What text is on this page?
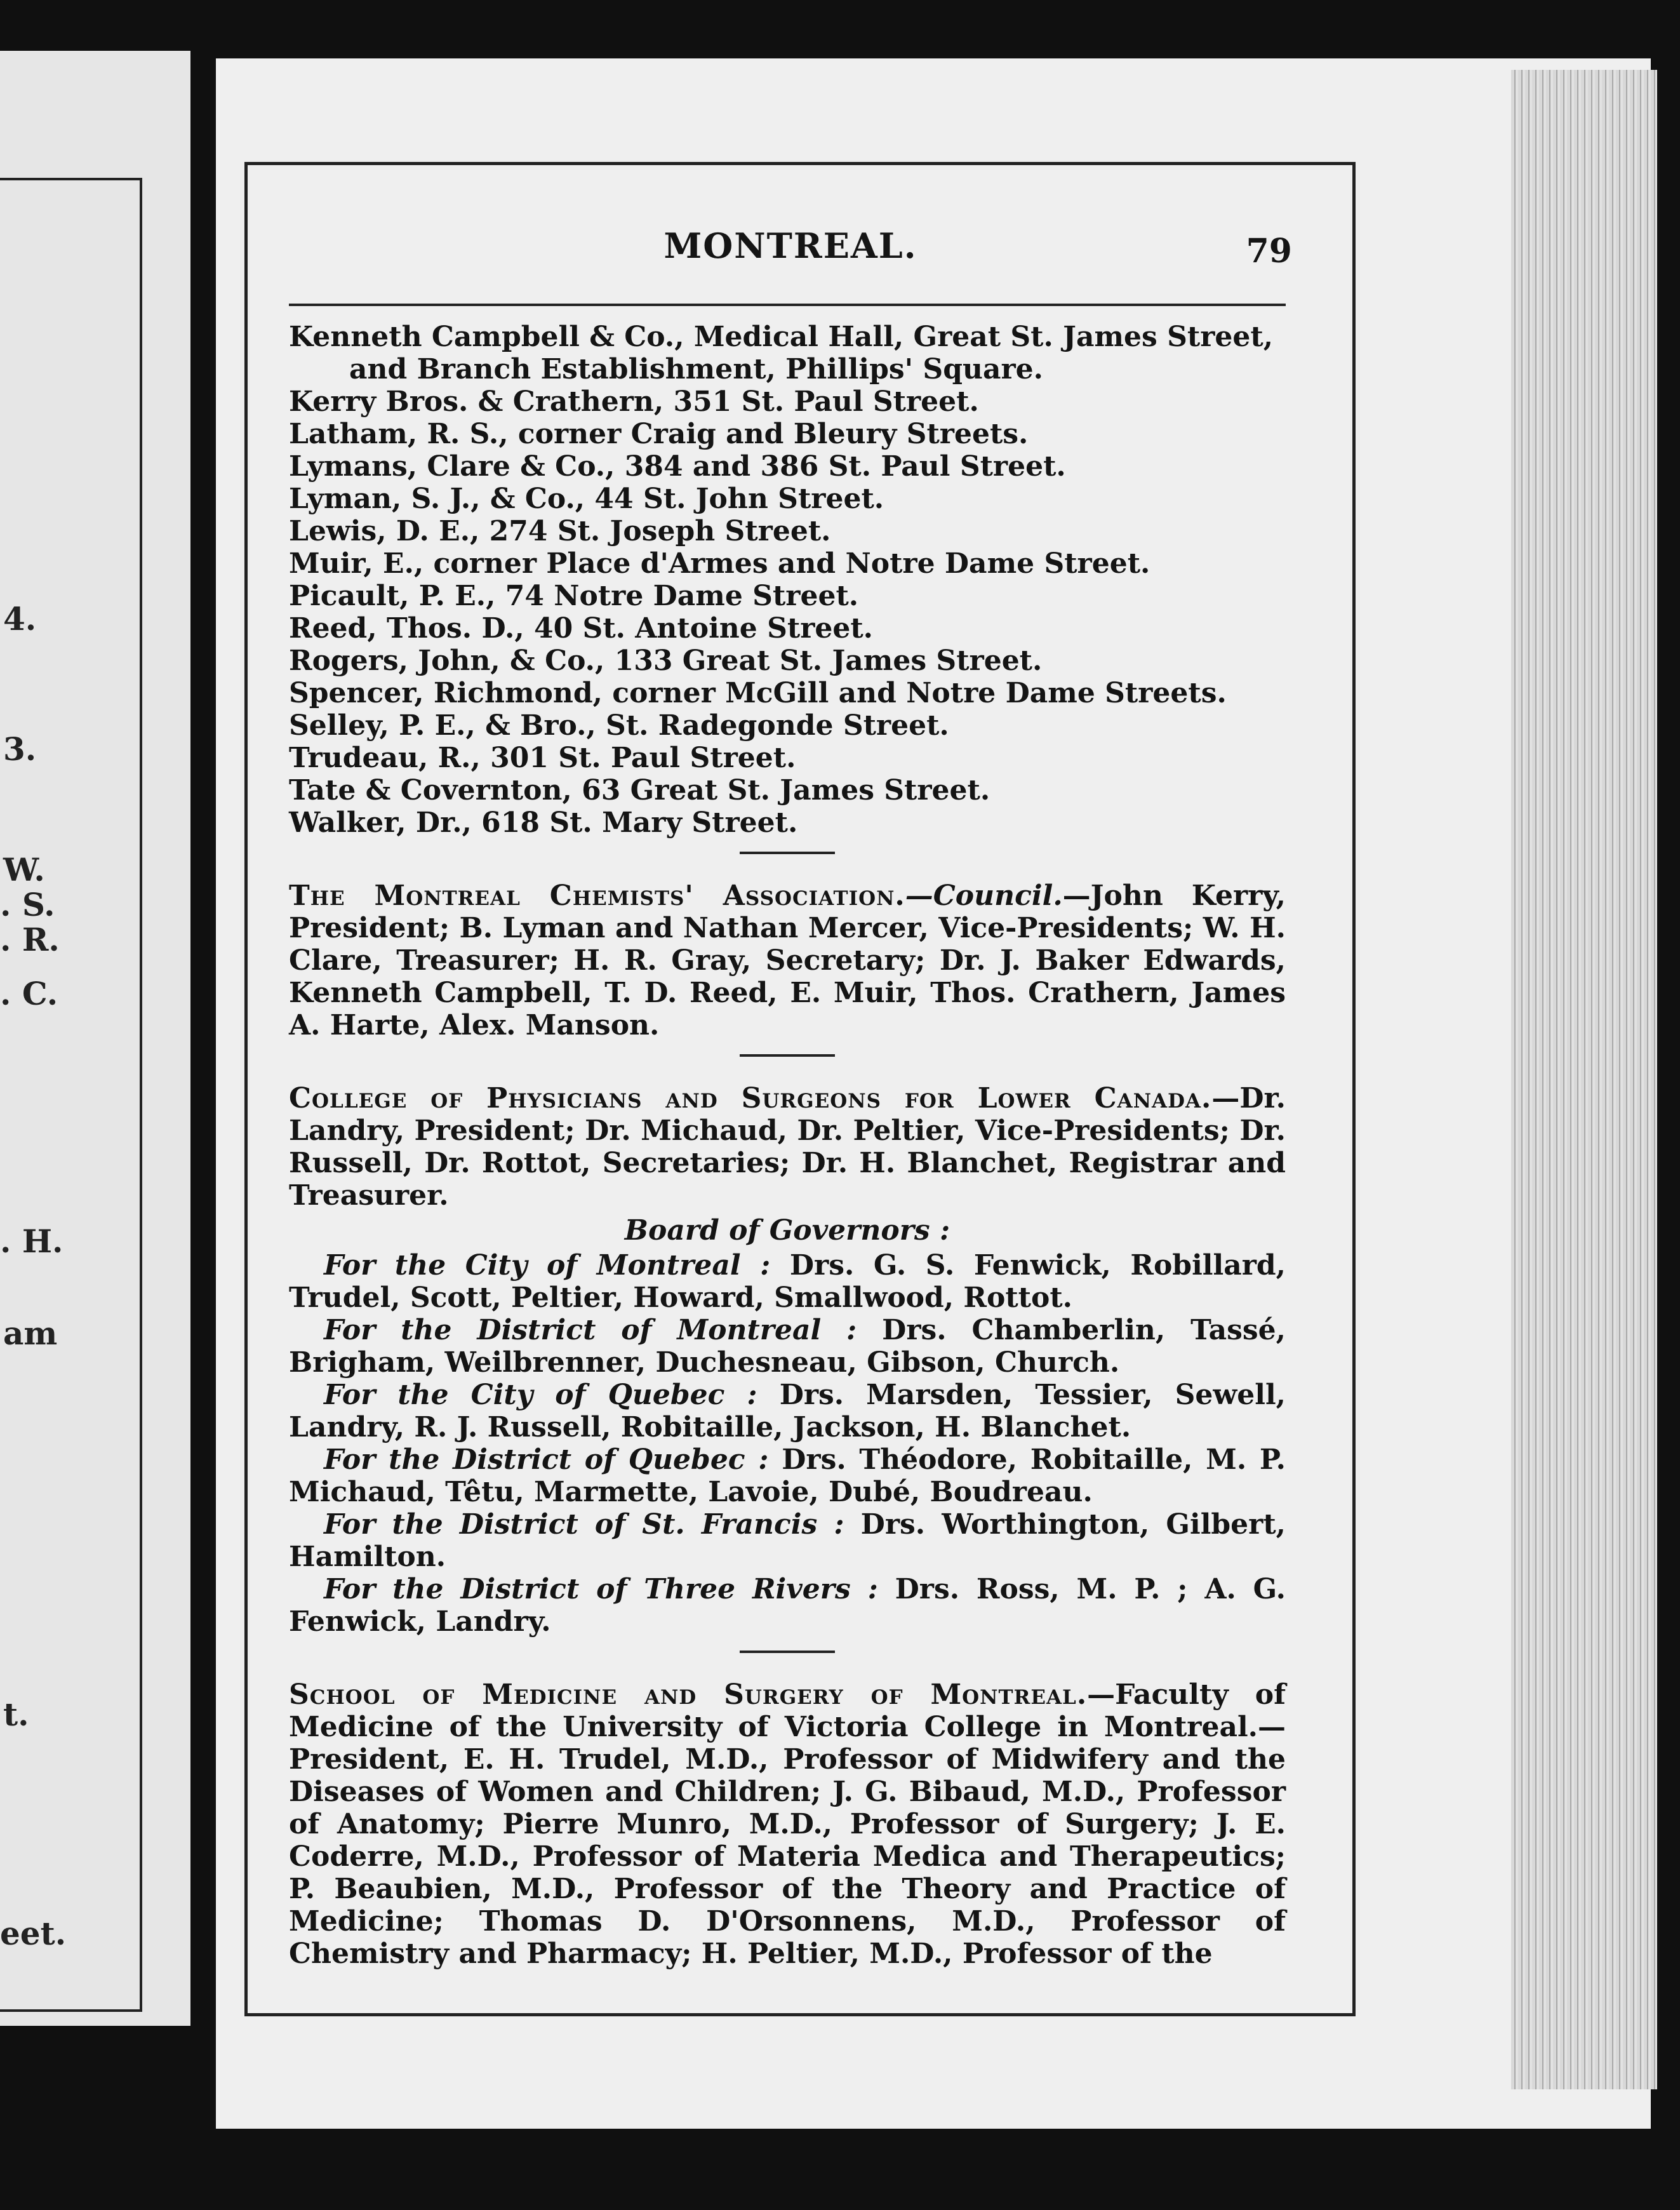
4.
3.
W.
. S.
. R.
. C.
. H.
am
t.
eet.
MONTREAL.	79
Kenneth Campbell & Co., Medical Hall, Great St. James Street,
and Branch Establishment, Phillips' Square.
Kerry Bros. & Crathern, 351 St. Paul Street.
Latham, R. S., corner Craig and Bleury Streets.
Lymans, Clare & Co., 384 and 386 St. Paul Street.
Lyman, S. J., & Co., 44 St. John Street.
Lewis, D. E., 274 St. Joseph Street.
Muir, E., corner Place d'Armes and Notre Dame Street.
Picault, P. E., 74 Notre Dame Street.
Reed, Thos. D., 40 St. Antoine Street.
Rogers, John, & Co., 133 Great St. James Street.
Spencer, Richmond, corner McGill and Notre Dame Streets.
Selley, P. E., & Bro., St. Radegonde Street.
Trudeau, R., 301 St. Paul Street.
Tate & Covernton, 63 Great St. James Street.
Walker, Dr., 618 St. Mary Street.
The Montreal Chemists' Association.—Council.—John Kerry, President; B. Lyman and Nathan Mercer, Vice-Presidents; W. H. Clare, Treasurer; H. R. Gray, Secretary; Dr. J. Baker Edwards, Kenneth Campbell, T. D. Reed, E. Muir, Thos. Crathern, James A. Harte, Alex. Manson.
College of Physicians and Surgeons for Lower Canada.—Dr. Landry, President; Dr. Michaud, Dr. Peltier, Vice-Presidents; Dr. Russell, Dr. Rottot, Secretaries; Dr. H. Blanchet, Registrar and Treasurer.
Board of Governors :
For the City of Montreal : Drs. G. S. Fenwick, Robillard, Trudel, Scott, Peltier, Howard, Smallwood, Rottot.
For the District of Montreal : Drs. Chamberlin, Tassé, Brigham, Weilbrenner, Duchesneau, Gibson, Church.
For the City of Quebec : Drs. Marsden, Tessier, Sewell, Landry, R. J. Russell, Robitaille, Jackson, H. Blanchet.
For the District of Quebec : Drs. Théodore, Robitaille, M. P. Michaud, Têtu, Marmette, Lavoie, Dubé, Boudreau.
For the District of St. Francis : Drs. Worthington, Gilbert, Hamilton.
For the District of Three Rivers : Drs. Ross, M. P. ; A. G. Fenwick, Landry.
School of Medicine and Surgery of Montreal.—Faculty of Medicine of the University of Victoria College in Montreal.—President, E. H. Trudel, M.D., Professor of Midwifery and the Diseases of Women and Children; J. G. Bibaud, M.D., Professor of Anatomy; Pierre Munro, M.D., Professor of Surgery; J. E. Coderre, M.D., Professor of Materia Medica and Therapeutics; P. Beaubien, M.D., Professor of the Theory and Practice of Medicine; Thomas D. D'Orsonnens, M.D., Professor of Chemistry and Pharmacy; H. Peltier, M.D., Professor of the
